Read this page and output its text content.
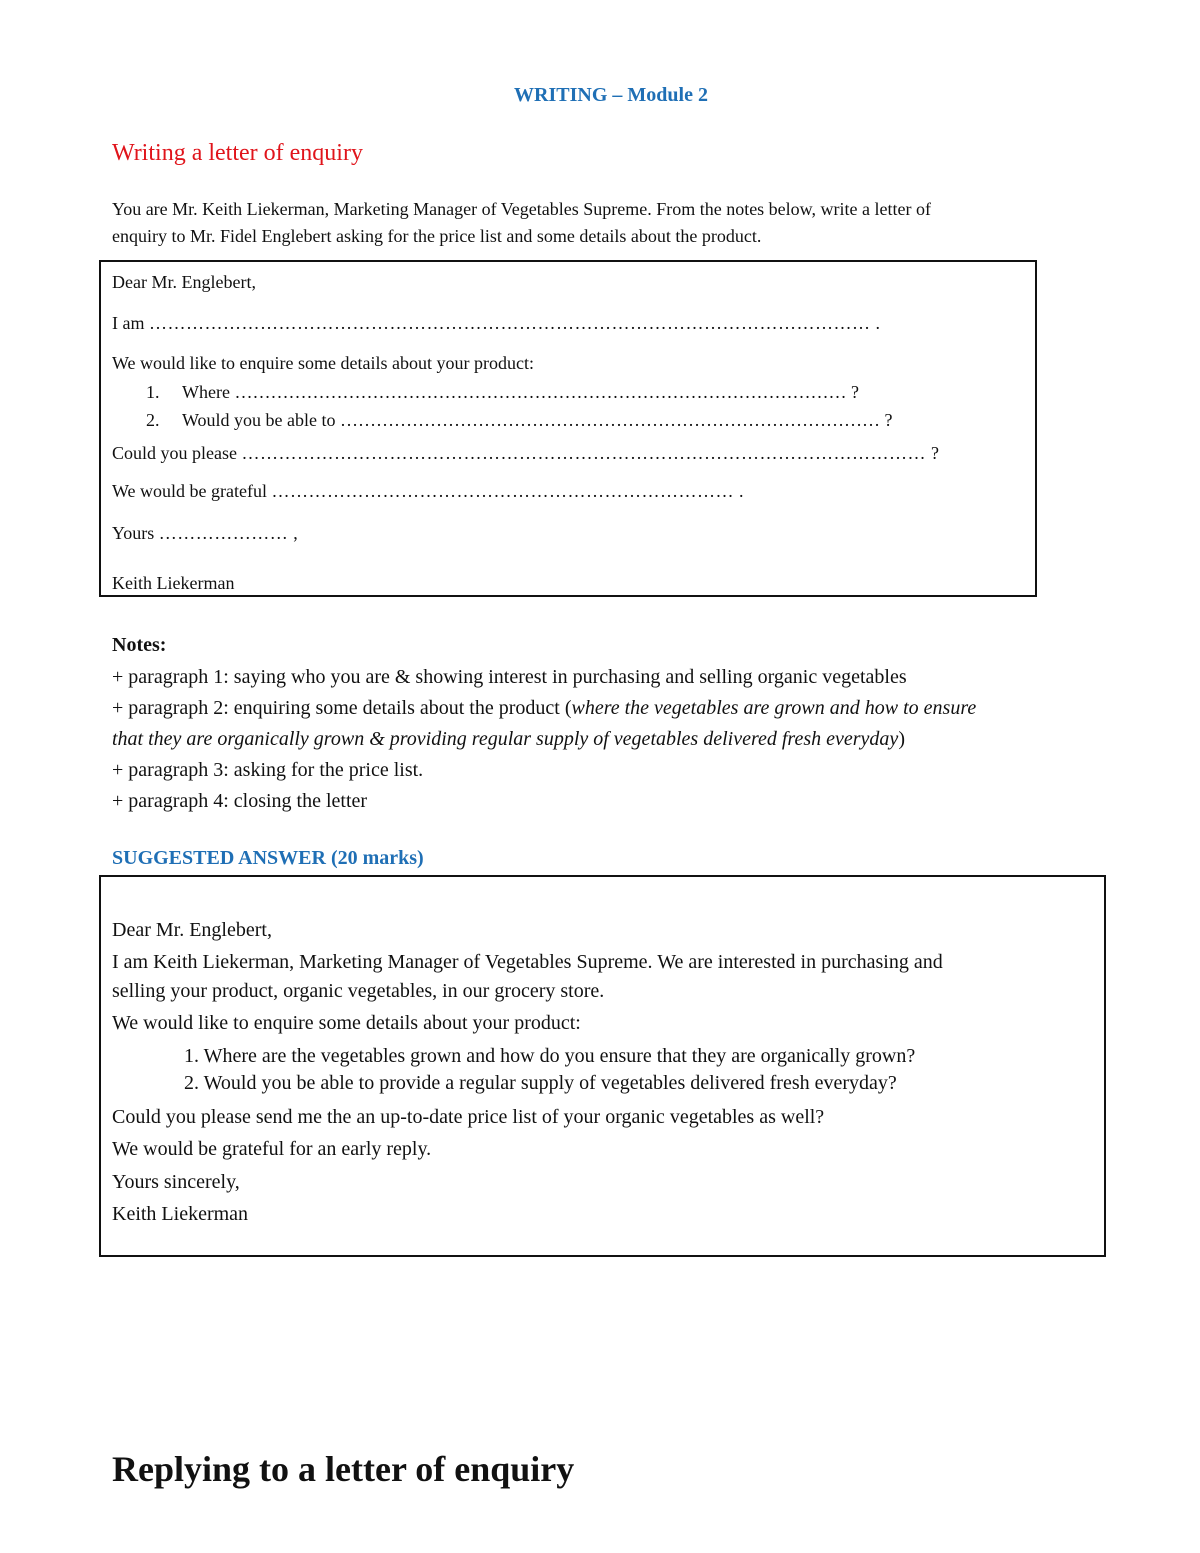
WRITING – Module 2
Writing a letter of enquiry
You are Mr. Keith Liekerman, Marketing Manager of Vegetables Supreme. From the notes below, write a letter of
enquiry to Mr. Fidel Englebert asking for the price list and some details about the product.
Dear Mr. Englebert,
I am ……………………………………………………………………………………………………… .
We would like to enquire some details about your product:
1. Where ………………………………………………………………………………………… ?
2. Would you be able to ……………………………………………………………………………… ?
Could you please ………………………………………………………………………………………………… ?
We would be grateful ………………………………………………………………… .
Yours ………………… ,
Keith Liekerman
Notes:
+ paragraph 1: saying who you are & showing interest in purchasing and selling organic vegetables
+ paragraph 2: enquiring some details about the product (where the vegetables are grown and how to ensure
that they are organically grown & providing regular supply of vegetables delivered fresh everyday)
+ paragraph 3: asking for the price list.
+ paragraph 4: closing the letter
SUGGESTED ANSWER (20 marks)
Dear Mr. Englebert,
I am Keith Liekerman, Marketing Manager of Vegetables Supreme. We are interested in purchasing and
selling your product, organic vegetables, in our grocery store.
We would like to enquire some details about your product:
1. Where are the vegetables grown and how do you ensure that they are organically grown?
2. Would you be able to provide a regular supply of vegetables delivered fresh everyday?
Could you please send me the an up-to-date price list of your organic vegetables as well?
We would be grateful for an early reply.
Yours sincerely,
Keith Liekerman
Replying to a letter of enquiry
